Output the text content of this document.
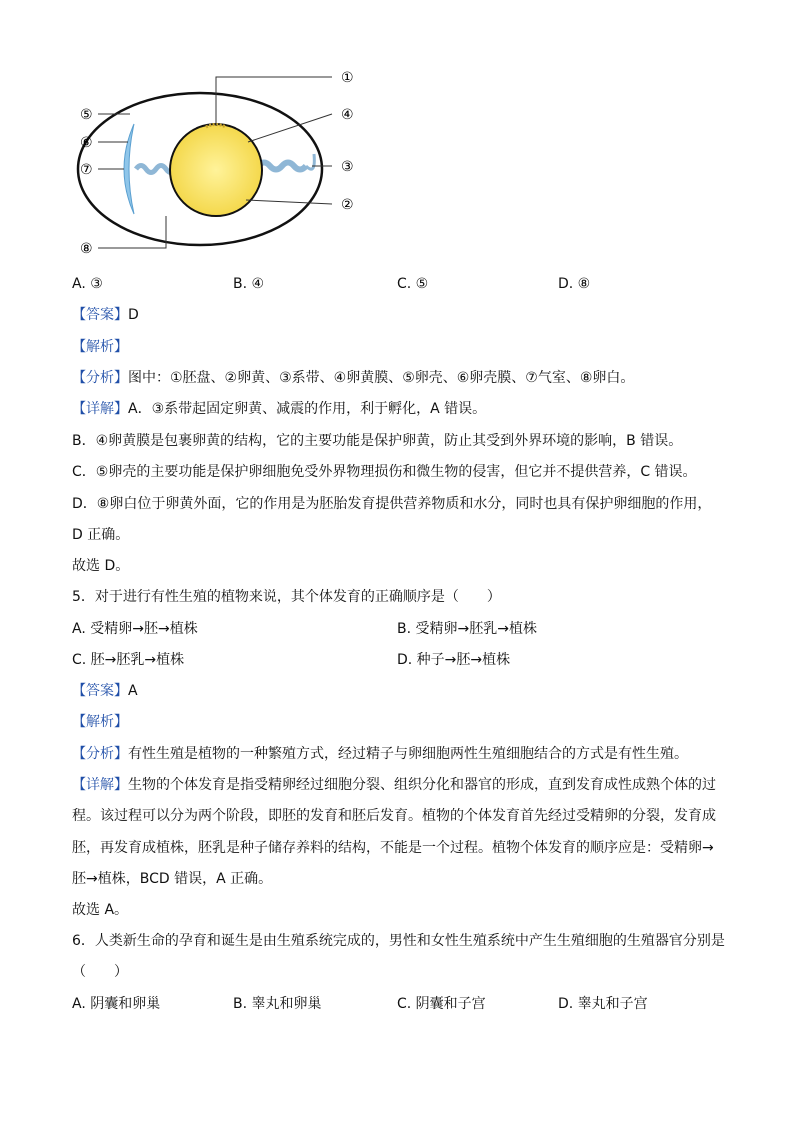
①
②
③
④
⑤
⑥
⑦
⑧
A. ③	B. ④	C. ⑤	D. ⑧
【答案】D
【解析】
【分析】图中：①胚盘、②卵黄、③系带、④卵黄膜、⑤卵壳、⑥卵壳膜、⑦气室、⑧卵白。
【详解】A．③系带起固定卵黄、减震的作用，利于孵化，A 错误。
B．④卵黄膜是包裹卵黄的结构，它的主要功能是保护卵黄，防止其受到外界环境的影响，B 错误。
C．⑤卵壳的主要功能是保护卵细胞免受外界物理损伤和微生物的侵害，但它并不提供营养，C 错误。
D．⑧卵白位于卵黄外面，它的作用是为胚胎发育提供营养物质和水分，同时也具有保护卵细胞的作用，
D 正确。
故选 D。
5．对于进行有性生殖的植物来说，其个体发育的正确顺序是（　　）
A. 受精卵→胚→植株	B. 受精卵→胚乳→植株
C. 胚→胚乳→植株	D. 种子→胚→植株
【答案】A
【解析】
【分析】有性生殖是植物的一种繁殖方式，经过精子与卵细胞两性生殖细胞结合的方式是有性生殖。
【详解】生物的个体发育是指受精卵经过细胞分裂、组织分化和器官的形成，直到发育成性成熟个体的过
程。该过程可以分为两个阶段，即胚的发育和胚后发育。植物的个体发育首先经过受精卵的分裂，发育成
胚，再发育成植株，胚乳是种子储存养料的结构，不能是一个过程。植物个体发育的顺序应是：受精卵→
胚→植株，BCD 错误，A 正确。
故选 A。
6．人类新生命的孕育和诞生是由生殖系统完成的，男性和女性生殖系统中产生生殖细胞的生殖器官分别是
（　　）
A. 阴囊和卵巢	B. 睾丸和卵巢	C. 阴囊和子宫	D. 睾丸和子宫
